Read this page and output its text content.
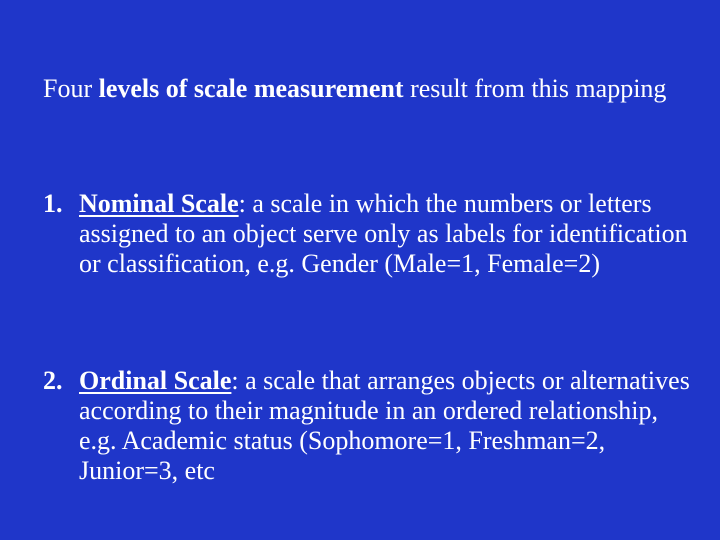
Four levels of scale measurement result from this mapping

1. Nominal Scale: a scale in which the numbers or letters assigned to an object serve only as labels for identification or classification, e.g. Gender (Male=1, Female=2)
2. Ordinal Scale: a scale that arranges objects or alternatives according to their magnitude in an ordered relationship, e.g. Academic status (Sophomore=1, Freshman=2, Junior=3, etc
